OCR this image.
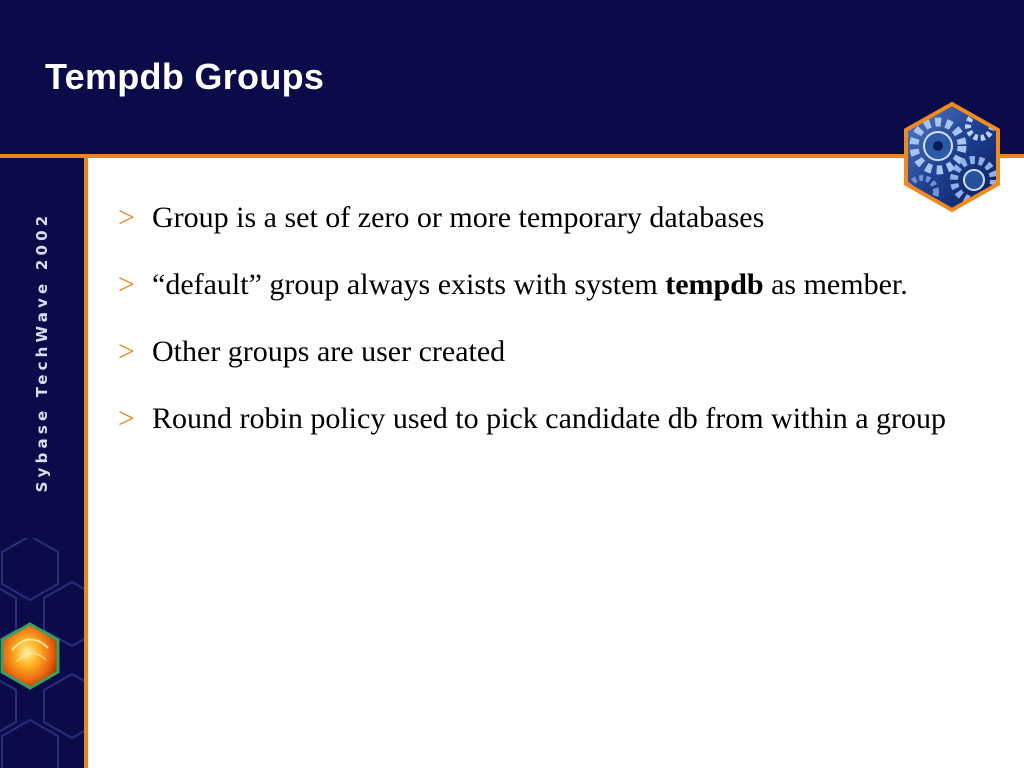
Tempdb Groups
Sybase TechWave 2002 > Group is a set of zero or more temporary databases
> “default” group always exists with system tempdb as member.
> Other groups are user created
> Round robin policy used to pick candidate db from within a group
